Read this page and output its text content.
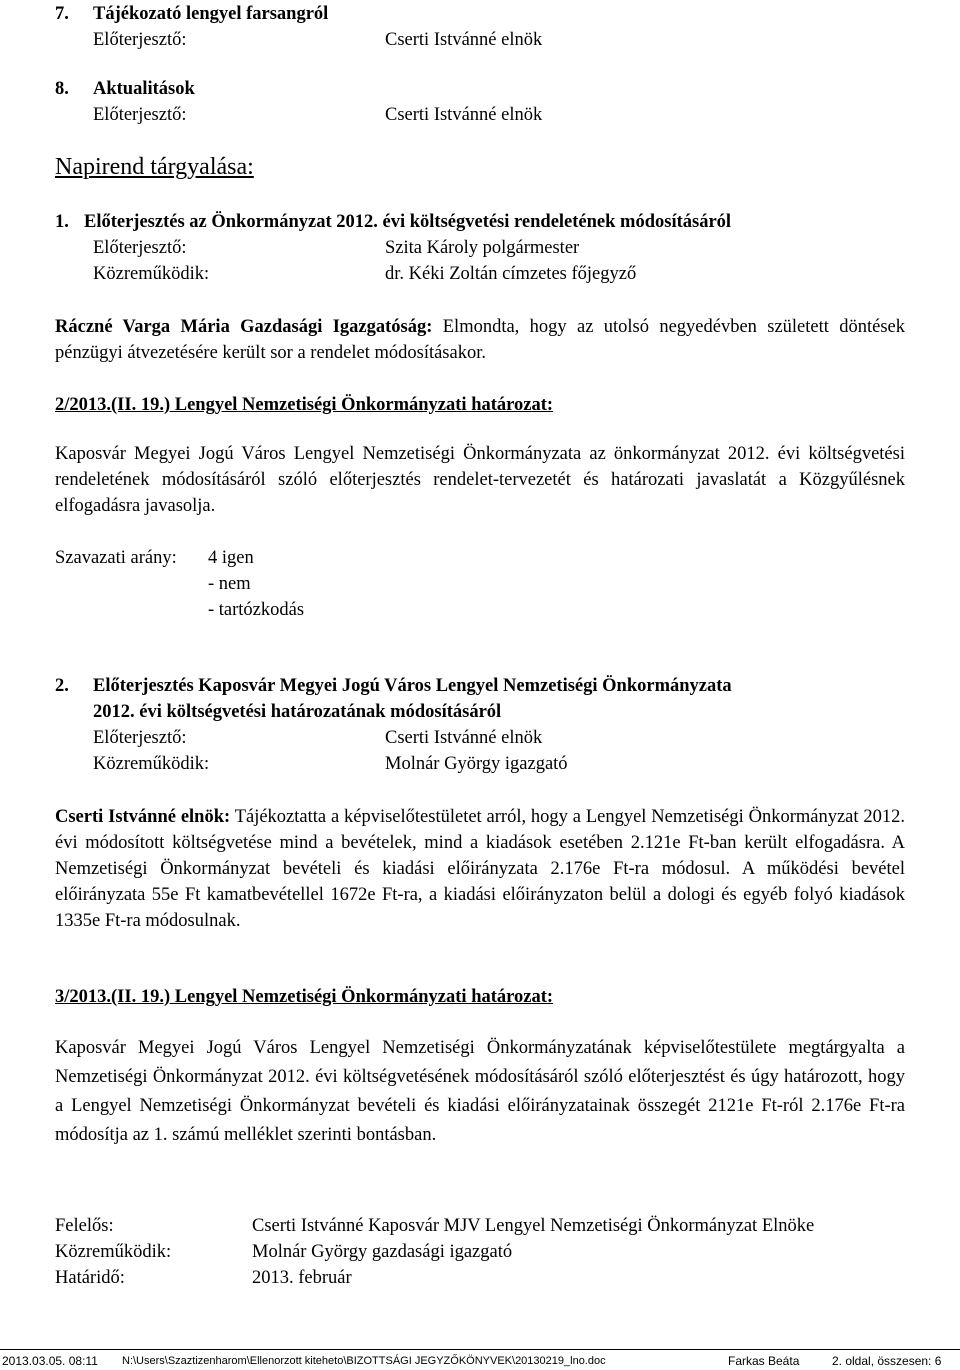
7. Tájékozató lengyel farsangról
Előterjesztő:	Cserti Istvánné elnök
8. Aktualitások
Előterjesztő:	Cserti Istvánné elnök
Napirend tárgyalása:
1. Előterjesztés az Önkormányzat 2012. évi költségvetési rendeletének módosításáról
Előterjesztő:	Szita Károly polgármester
Közreműködik:	dr. Kéki Zoltán címzetes főjegyző
Ráczné Varga Mária Gazdasági Igazgatóság: Elmondta, hogy az utolsó negyedévben született döntések pénzügyi átvezetésére került sor a rendelet módosításakor.
2/2013.(II. 19.) Lengyel Nemzetiségi Önkormányzati határozat:
Kaposvár Megyei Jogú Város Lengyel Nemzetiségi Önkormányzata az önkormányzat 2012. évi költségvetési rendeletének módosításáról szóló előterjesztés rendelet-tervezetét és határozati javaslatát a Közgyűlésnek elfogadásra javasolja.
Szavazati arány: 4 igen
- nem
- tartózkodás
2. Előterjesztés Kaposvár Megyei Jogú Város Lengyel Nemzetiségi Önkormányzata
2012. évi költségvetési határozatának módosításáról
Előterjesztő:	Cserti Istvánné elnök
Közreműködik:	Molnár György igazgató
Cserti Istvánné elnök: Tájékoztatta a képviselőtestületet arról, hogy a Lengyel Nemzetiségi Önkormányzat 2012. évi módosított költségvetése mind a bevételek, mind a kiadások esetében 2.121e Ft-ban került elfogadásra. A Nemzetiségi Önkormányzat bevételi és kiadási előirányzata 2.176e Ft-ra módosul. A működési bevétel előirányzata 55e Ft kamatbevétellel 1672e Ft-ra, a kiadási előirányzaton belül a dologi és egyéb folyó kiadások 1335e Ft-ra módosulnak.
3/2013.(II. 19.) Lengyel Nemzetiségi Önkormányzati határozat:
Kaposvár Megyei Jogú Város Lengyel Nemzetiségi Önkormányzatának képviselőtestülete megtárgyalta a Nemzetiségi Önkormányzat 2012. évi költségvetésének módosításáról szóló előterjesztést és úgy határozott, hogy a Lengyel Nemzetiségi Önkormányzat bevételi és kiadási előirányzatainak összegét 2121e Ft-ról 2.176e Ft-ra módosítja az 1. számú melléklet szerinti bontásban.
Felelős:	Cserti Istvánné Kaposvár MJV Lengyel Nemzetiségi Önkormányzat Elnöke
Közreműködik:	Molnár György gazdasági igazgató
Határidő:	2013. február
2013.03.05. 08:11 N:\Users\Szaztizenharom\Ellenorzott kiteheto\BIZOTTSÁGI JEGYZŐKÖNYVEK\20130219_lno.doc	Farkas Beáta	2. oldal, összesen: 6
